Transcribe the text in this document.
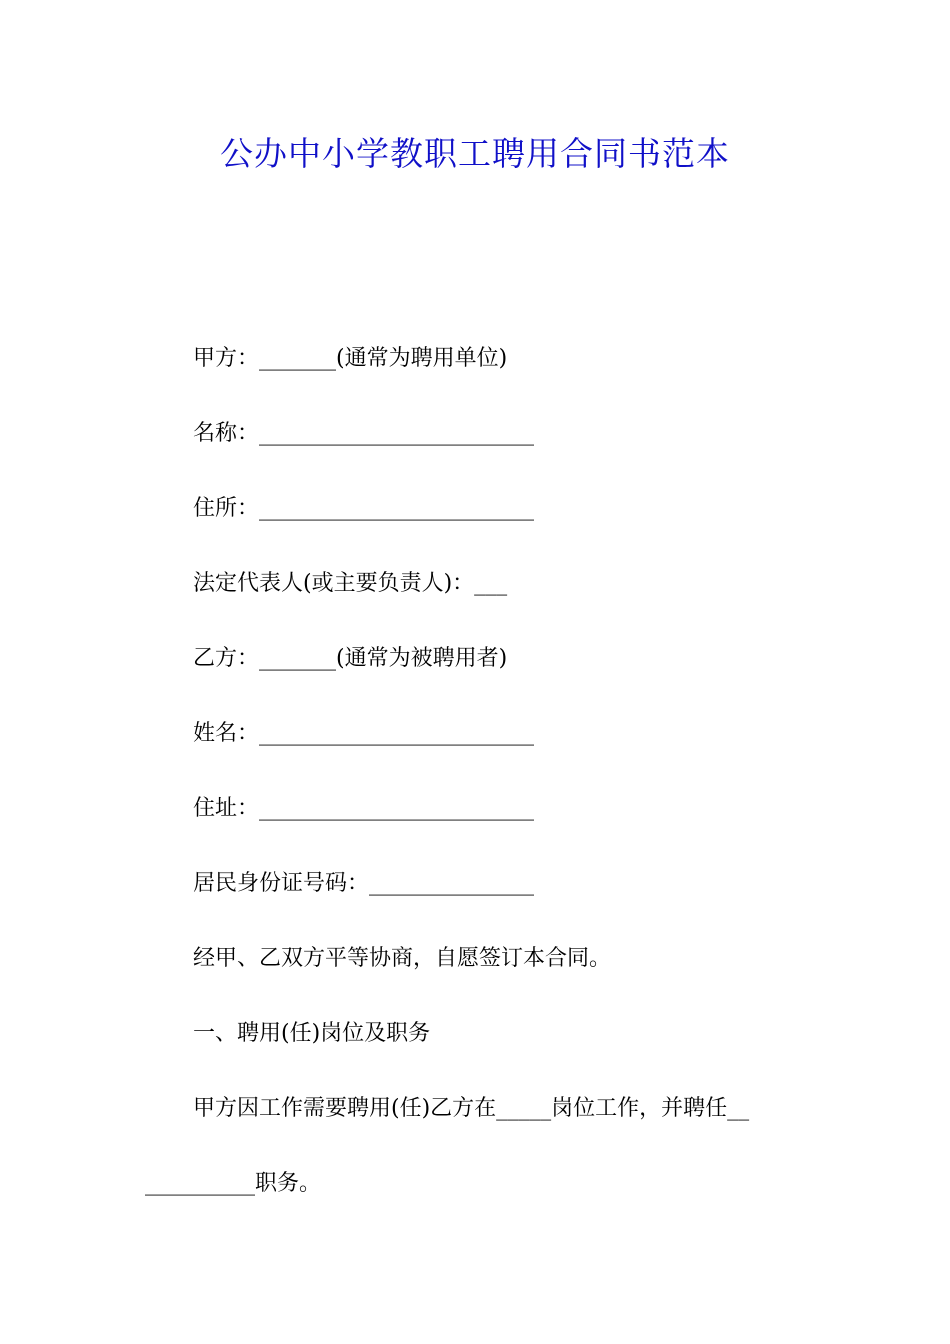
公办中小学教职工聘用合同书范本

甲方：_______(通常为聘用单位)

名称：_________________________

住所：_________________________

法定代表人(或主要负责人)：___

乙方：_______(通常为被聘用者)

姓名：_________________________

住址：_________________________

居民身份证号码：_______________

经甲、乙双方平等协商，自愿签订本合同。

一、聘用(任)岗位及职务

甲方因工作需要聘用(任)乙方在_____岗位工作，并聘任__

__________职务。
